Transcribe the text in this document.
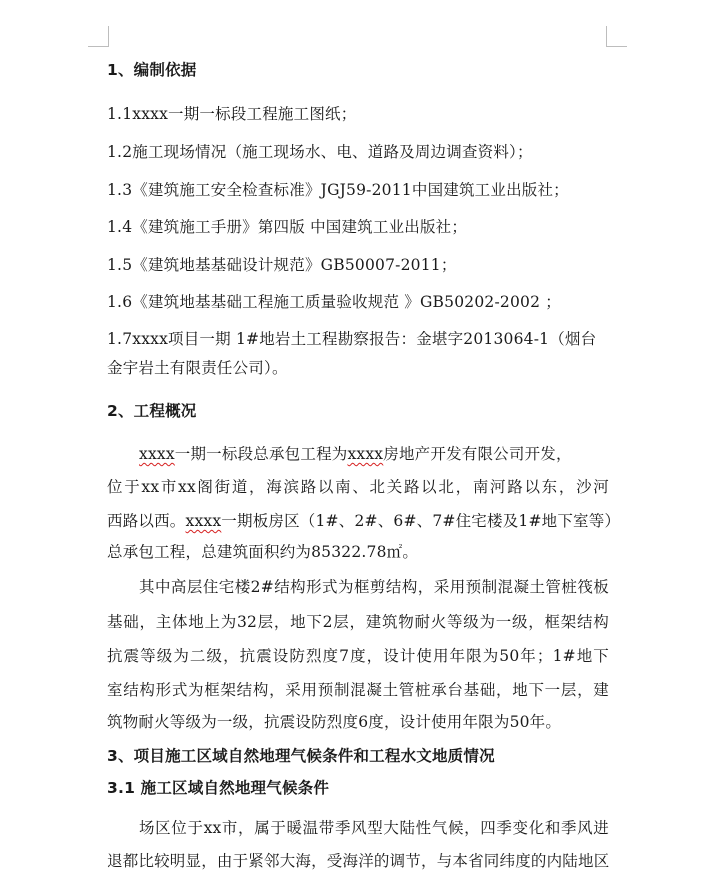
1、编制依据
1.1xxxx一期一标段工程施工图纸；
1.2施工现场情况（施工现场水、电、道路及周边调查资料）；
1.3《建筑施工安全检查标准》JGJ59-2011中国建筑工业出版社；
1.4《建筑施工手册》第四版 中国建筑工业出版社；
1.5《建筑地基基础设计规范》GB50007-2011；
1.6《建筑地基基础工程施工质量验收规范 》GB50202-2002 ；
1.7xxxx项目一期 1#地岩土工程勘察报告：金堪字2013064-1（烟台
金宇岩土有限责任公司）。
2、工程概况
xxxx一期一标段总承包工程为xxxx房地产开发有限公司开发，
位于xx市xx阁街道，海滨路以南、北关路以北，南河路以东，沙河
西路以西。xxxx一期板房区（1#、2#、6#、7#住宅楼及1#地下室等）
总承包工程，总建筑面积约为85322.78㎡。
其中高层住宅楼2#结构形式为框剪结构，采用预制混凝土管桩筏板
基础，主体地上为32层，地下2层，建筑物耐火等级为一级，框架结构
抗震等级为二级，抗震设防烈度7度，设计使用年限为50年；1#地下
室结构形式为框架结构，采用预制混凝土管桩承台基础，地下一层，建
筑物耐火等级为一级，抗震设防烈度6度，设计使用年限为50年。
3、项目施工区域自然地理气候条件和工程水文地质情况
3.1 施工区域自然地理气候条件
场区位于xx市，属于暖温带季风型大陆性气候，四季变化和季风进
退都比较明显，由于紧邻大海，受海洋的调节，与本省同纬度的内陆地区
